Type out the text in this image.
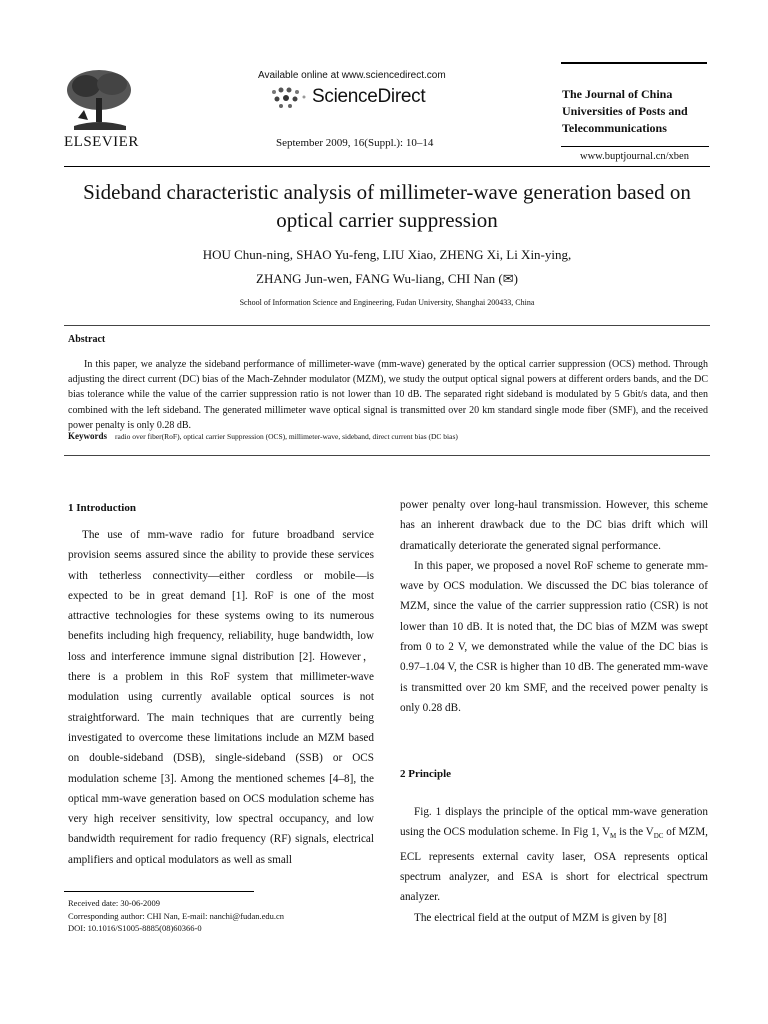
ELSEVIER
Available online at www.sciencedirect.com
ScienceDirect
September 2009, 16(Suppl.): 10–14
The Journal of China
Universities of Posts and
Telecommunications
www.buptjournal.cn/xben
Sideband characteristic analysis of millimeter-wave generation based on
optical carrier suppression
HOU Chun-ning, SHAO Yu-feng, LIU Xiao, ZHENG Xi, Li Xin-ying,
ZHANG Jun-wen, FANG Wu-liang, CHI Nan (✉)
School of Information Science and Engineering, Fudan University, Shanghai 200433, China
Abstract
In this paper, we analyze the sideband performance of millimeter-wave (mm-wave) generated by the optical carrier suppression (OCS) method. Through adjusting the direct current (DC) bias of the Mach-Zehnder modulator (MZM), we study the output optical signal powers at different orders bands, and the DC bias tolerance while the value of the carrier suppression ratio is not lower than 10 dB. The separated right sideband is modulated by 5 Gbit/s data, and then combined with the left sideband. The generated millimeter wave optical signal is transmitted over 20 km standard single mode fiber (SMF), and the received power penalty is only 0.28 dB.
Keywords radio over fiber(RoF), optical carrier Suppression (OCS), millimeter-wave, sideband, direct current bias (DC bias)
1 Introduction

The use of mm-wave radio for future broadband service provision seems assured since the ability to provide these services with tetherless connectivity—either cordless or mobile—is expected to be in great demand [1]. RoF is one of the most attractive technologies for these systems owing to its numerous benefits including high frequency, reliability, huge bandwidth, low loss and interference immune signal distribution [2]. However，there is a problem in this RoF system that millimeter-wave modulation using currently available optical sources is not straightforward. The main techniques that are currently being investigated to overcome these limitations include an MZM based on double-sideband (DSB), single-sideband (SSB) or OCS modulation scheme [3]. Among the mentioned schemes [4–8], the optical mm-wave generation based on OCS modulation scheme has very high receiver sensitivity, low spectral occupancy, and low bandwidth requirement for radio frequency (RF) signals, electrical amplifiers and optical modulators as well as small

power penalty over long-haul transmission. However, this scheme has an inherent drawback due to the DC bias drift which will dramatically deteriorate the generated signal performance.

In this paper, we proposed a novel RoF scheme to generate mm-wave by OCS modulation. We discussed the DC bias tolerance of MZM, since the value of the carrier suppression ratio (CSR) is not lower than 10 dB. It is noted that, the DC bias of MZM was swept from 0 to 2 V, we demonstrated while the value of the DC bias is 0.97–1.04 V, the CSR is higher than 10 dB. The generated mm-wave is transmitted over 20 km SMF, and the received power penalty is only 0.28 dB.

2 Principle

Fig. 1 displays the principle of the optical mm-wave generation using the OCS modulation scheme. In Fig 1, $V_M$ is the $V_{DC}$ of MZM, ECL represents external cavity laser, OSA represents optical spectrum analyzer, and ESA is short for electrical spectrum analyzer.

The electrical field at the output of MZM is given by [8]

Received date: 30-06-2009
Corresponding author: CHI Nan, E-mail: nanchi@fudan.edu.cn
DOI: 10.1016/S1005-8885(08)60366-0
